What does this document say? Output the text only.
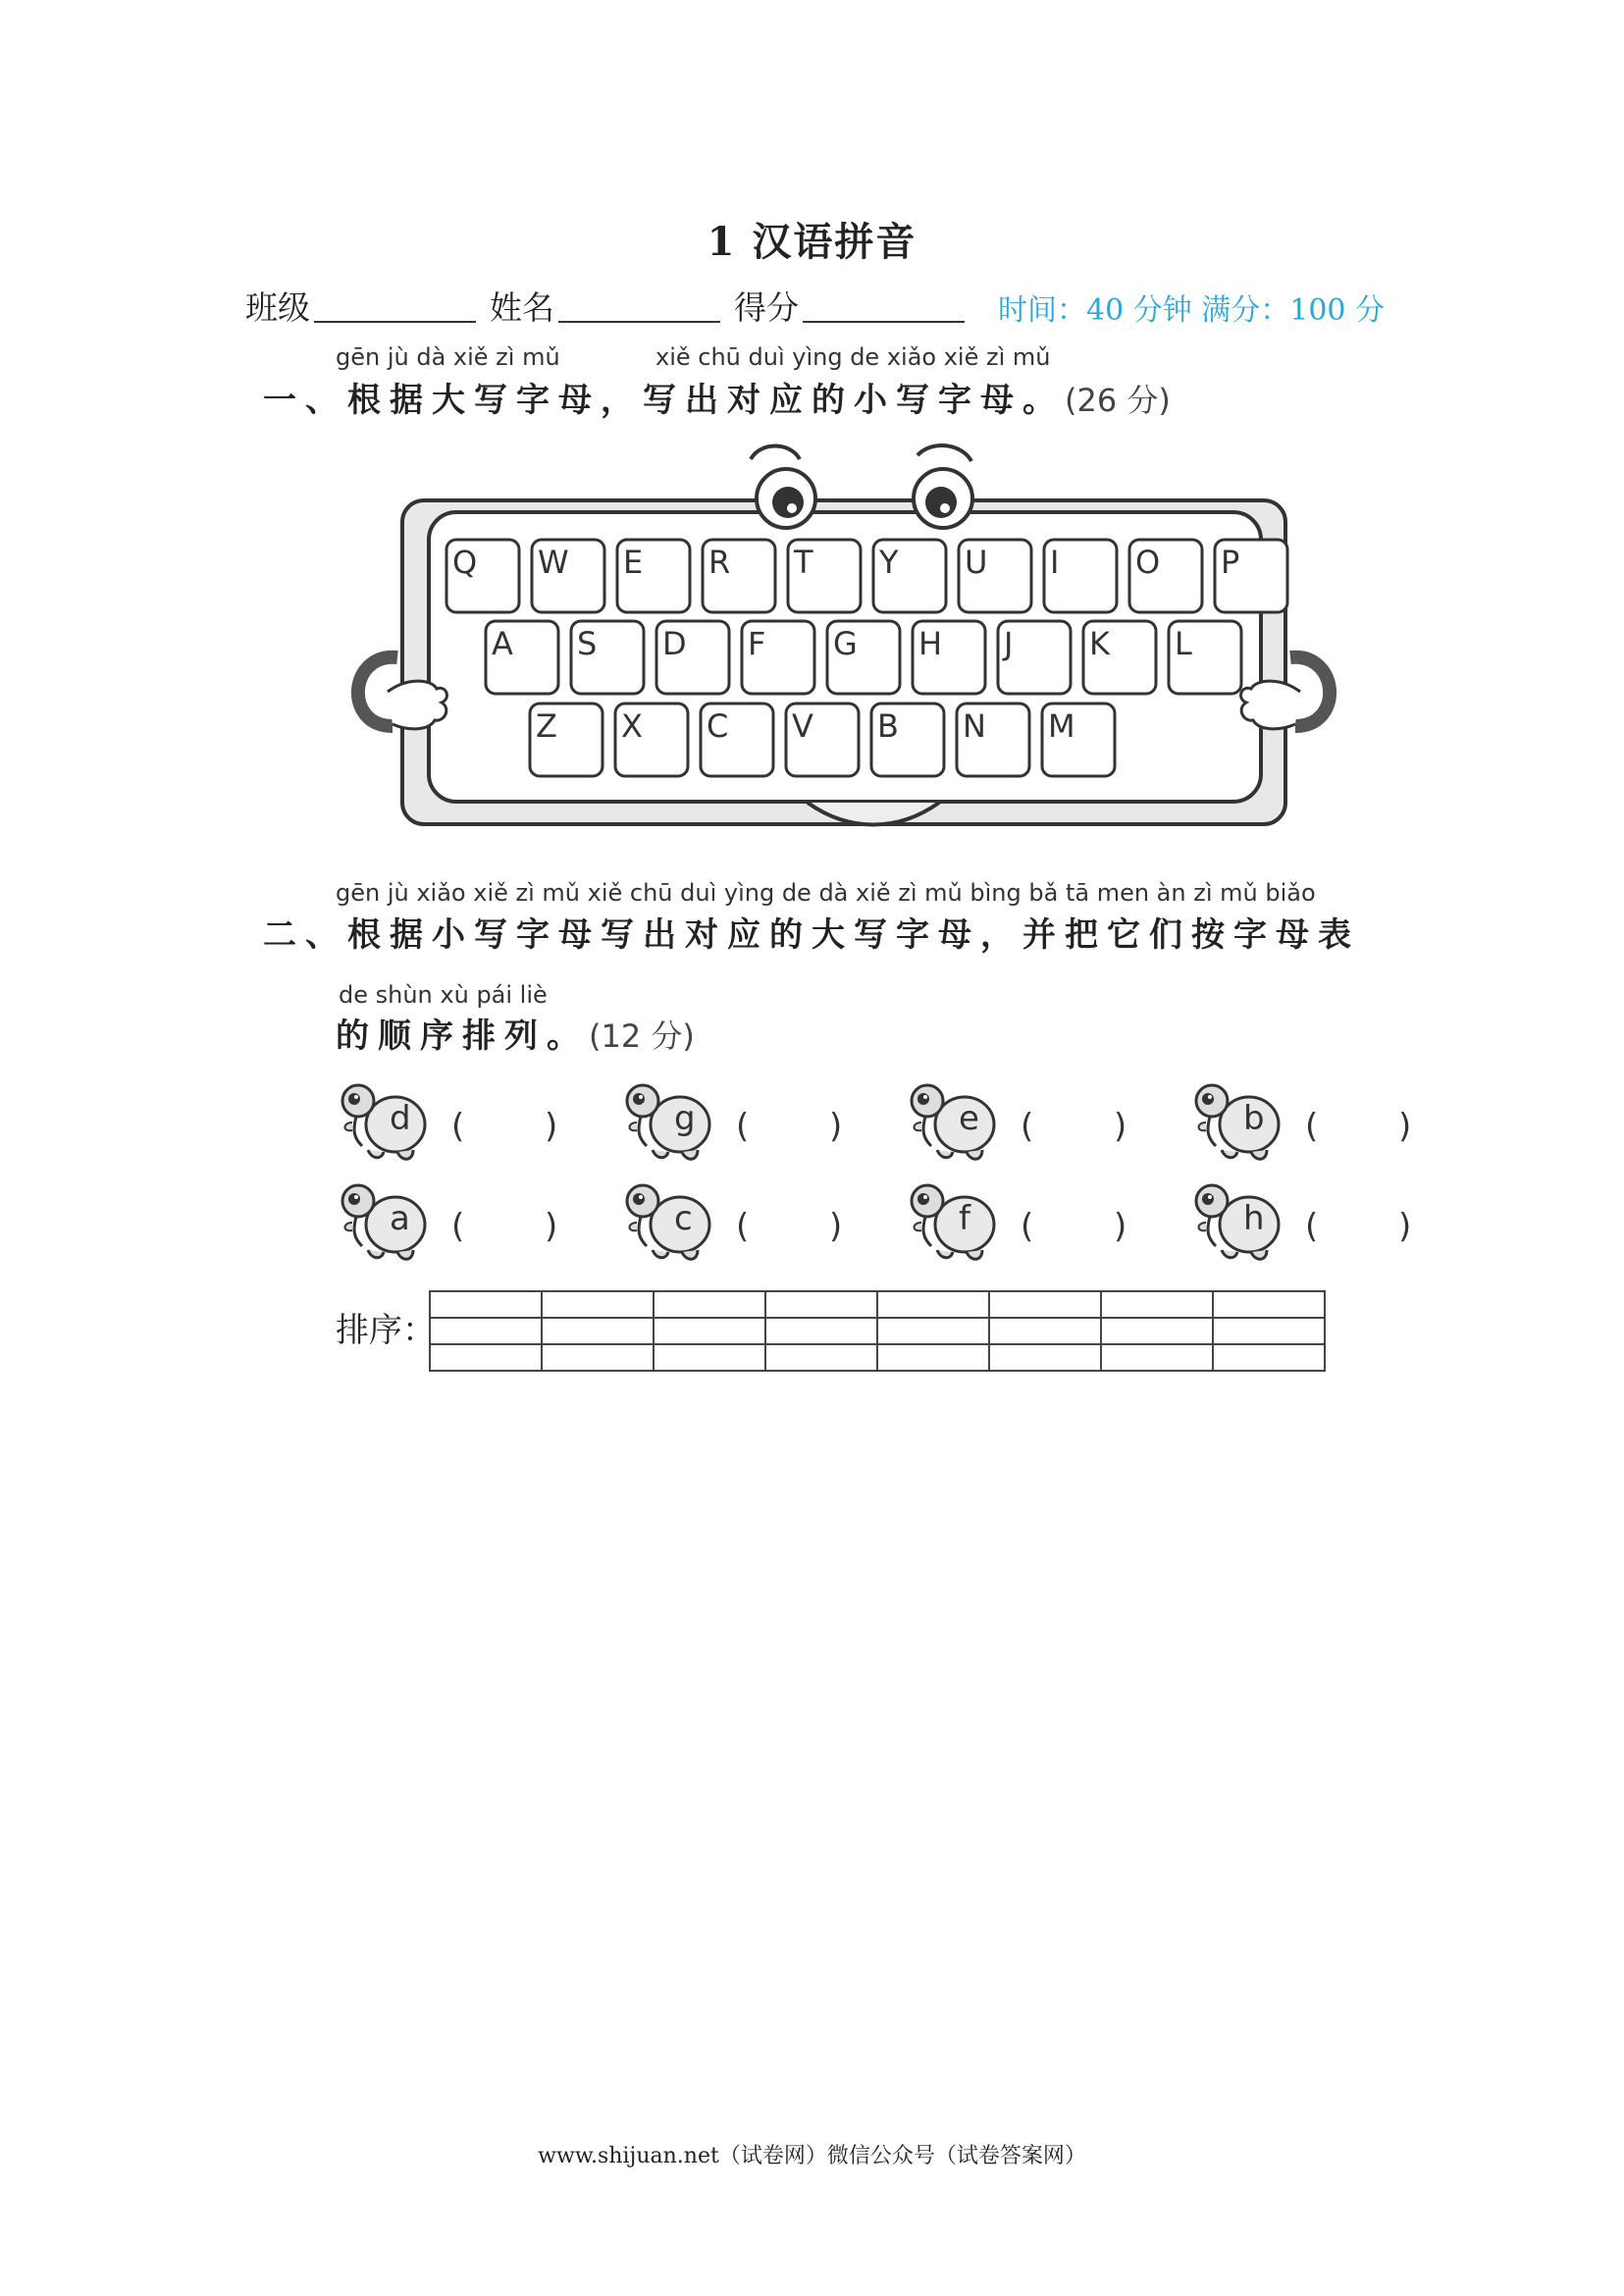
1 汉语拼音
班级	姓名	得分	时间：40 分钟 满分：100 分
gēn jù dà xiě zì mǔ	xiě chū duì yìng de xiǎo xiě zì mǔ
一、根据大写字母，写出对应的小写字母。(26 分)
Q W E R T Y U I O P
A S D F G H J K L
Z X C V B N M
gēn jù xiǎo xiě zì mǔ xiě chū duì yìng de dà xiě zì mǔ bìng bǎ tā men àn zì mǔ biǎo
二、根据小写字母写出对应的大写字母，并把它们按字母表
de shùn xù pái liè
的顺序排列。(12 分)
d ( )	g ( )	e ( )	b ( )
a ( )	c ( )	f ( )	h ( )
排序：

www.shijuan.net（试卷网）微信公众号（试卷答案网）
